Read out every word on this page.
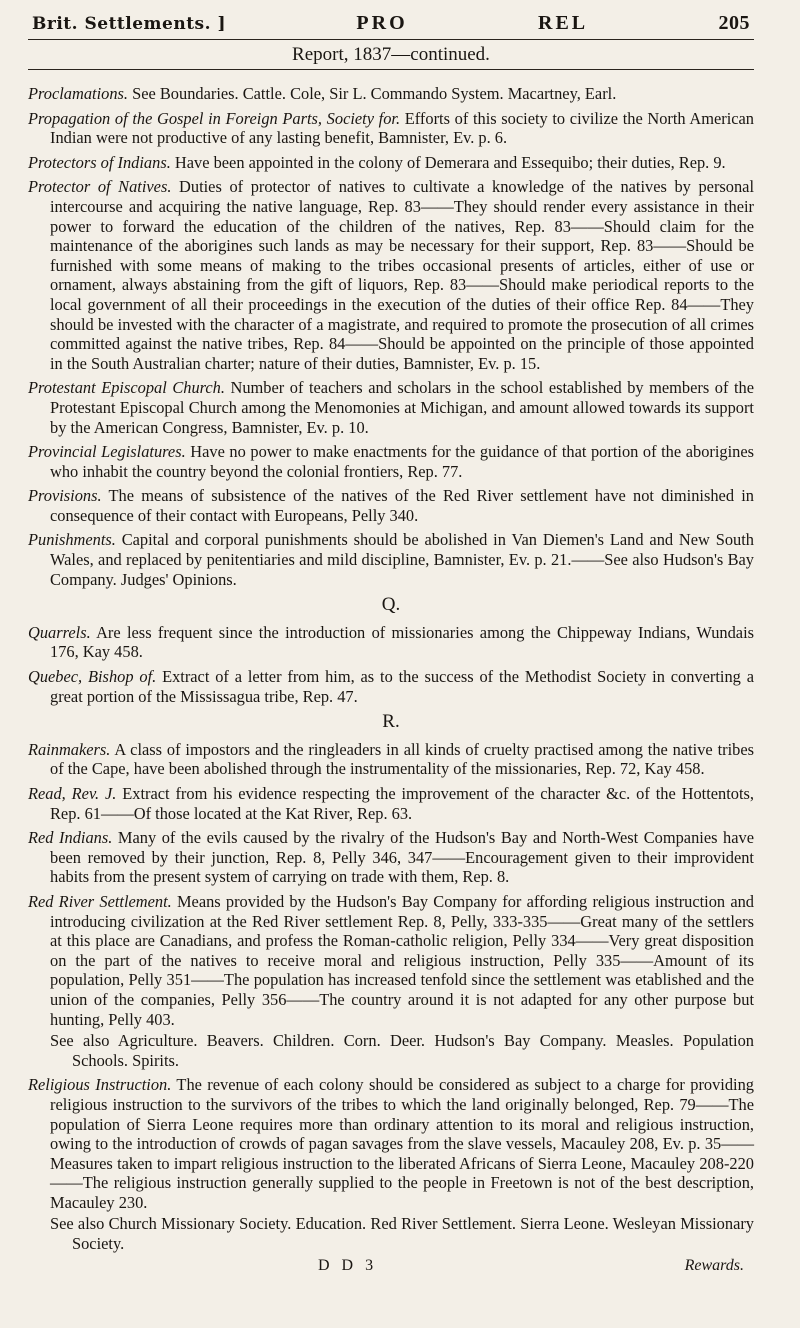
Brit. Settlements. ]	PRO	REL	205
Report, 1837—continued.

Proclamations. See Boundaries. Cattle. Cole, Sir L. Commando System. Macartney, Earl.

Propagation of the Gospel in Foreign Parts, Society for. Efforts of this society to civilize the North American Indian were not productive of any lasting benefit, Bamnister, Ev. p. 6.

Protectors of Indians. Have been appointed in the colony of Demerara and Essequibo; their duties, Rep. 9.

Protector of Natives. Duties of protector of natives to cultivate a knowledge of the natives by personal intercourse and acquiring the native language, Rep. 83——They should render every assistance in their power to forward the education of the children of the natives, Rep. 83——Should claim for the maintenance of the aborigines such lands as may be necessary for their support, Rep. 83——Should be furnished with some means of making to the tribes occasional presents of articles, either of use or ornament, always abstaining from the gift of liquors, Rep. 83——Should make periodical reports to the local government of all their proceedings in the execution of the duties of their office Rep. 84——They should be invested with the character of a magistrate, and required to promote the prosecution of all crimes committed against the native tribes, Rep. 84——Should be appointed on the principle of those appointed in the South Australian charter; nature of their duties, Bamnister, Ev. p. 15.

Protestant Episcopal Church. Number of teachers and scholars in the school established by members of the Protestant Episcopal Church among the Menomonies at Michigan, and amount allowed towards its support by the American Congress, Bamnister, Ev. p. 10.

Provincial Legislatures. Have no power to make enactments for the guidance of that portion of the aborigines who inhabit the country beyond the colonial frontiers, Rep. 77.

Provisions. The means of subsistence of the natives of the Red River settlement have not diminished in consequence of their contact with Europeans, Pelly 340.

Punishments. Capital and corporal punishments should be abolished in Van Diemen's Land and New South Wales, and replaced by penitentiaries and mild discipline, Bamnister, Ev. p. 21.——See also Hudson's Bay Company. Judges' Opinions.

Q.

Quarrels. Are less frequent since the introduction of missionaries among the Chippeway Indians, Wundais 176, Kay 458.

Quebec, Bishop of. Extract of a letter from him, as to the success of the Methodist Society in converting a great portion of the Mississagua tribe, Rep. 47.

R.

Rainmakers. A class of impostors and the ringleaders in all kinds of cruelty practised among the native tribes of the Cape, have been abolished through the instrumentality of the missionaries, Rep. 72, Kay 458.

Read, Rev. J. Extract from his evidence respecting the improvement of the character &c. of the Hottentots, Rep. 61——Of those located at the Kat River, Rep. 63.

Red Indians. Many of the evils caused by the rivalry of the Hudson's Bay and North-West Companies have been removed by their junction, Rep. 8, Pelly 346, 347——Encouragement given to their improvident habits from the present system of carrying on trade with them, Rep. 8.

Red River Settlement. Means provided by the Hudson's Bay Company for affording religious instruction and introducing civilization at the Red River settlement Rep. 8, Pelly, 333-335——Great many of the settlers at this place are Canadians, and profess the Roman-catholic religion, Pelly 334——Very great disposition on the part of the natives to receive moral and religious instruction, Pelly 335——Amount of its population, Pelly 351——The population has increased tenfold since the settlement was etablished and the union of the companies, Pelly 356——The country around it is not adapted for any other purpose but hunting, Pelly 403.

See also Agriculture. Beavers. Children. Corn. Deer. Hudson's Bay Company. Measles. Population Schools. Spirits.

Religious Instruction. The revenue of each colony should be considered as subject to a charge for providing religious instruction to the survivors of the tribes to which the land originally belonged, Rep. 79——The population of Sierra Leone requires more than ordinary attention to its moral and religious instruction, owing to the introduction of crowds of pagan savages from the slave vessels, Macauley 208, Ev. p. 35——Measures taken to impart religious instruction to the liberated Africans of Sierra Leone, Macauley 208-220——The religious instruction generally supplied to the people in Freetown is not of the best description, Macauley 230.

See also Church Missionary Society. Education. Red River Settlement. Sierra Leone. Wesleyan Missionary Society.

D D 3	Rewards.
